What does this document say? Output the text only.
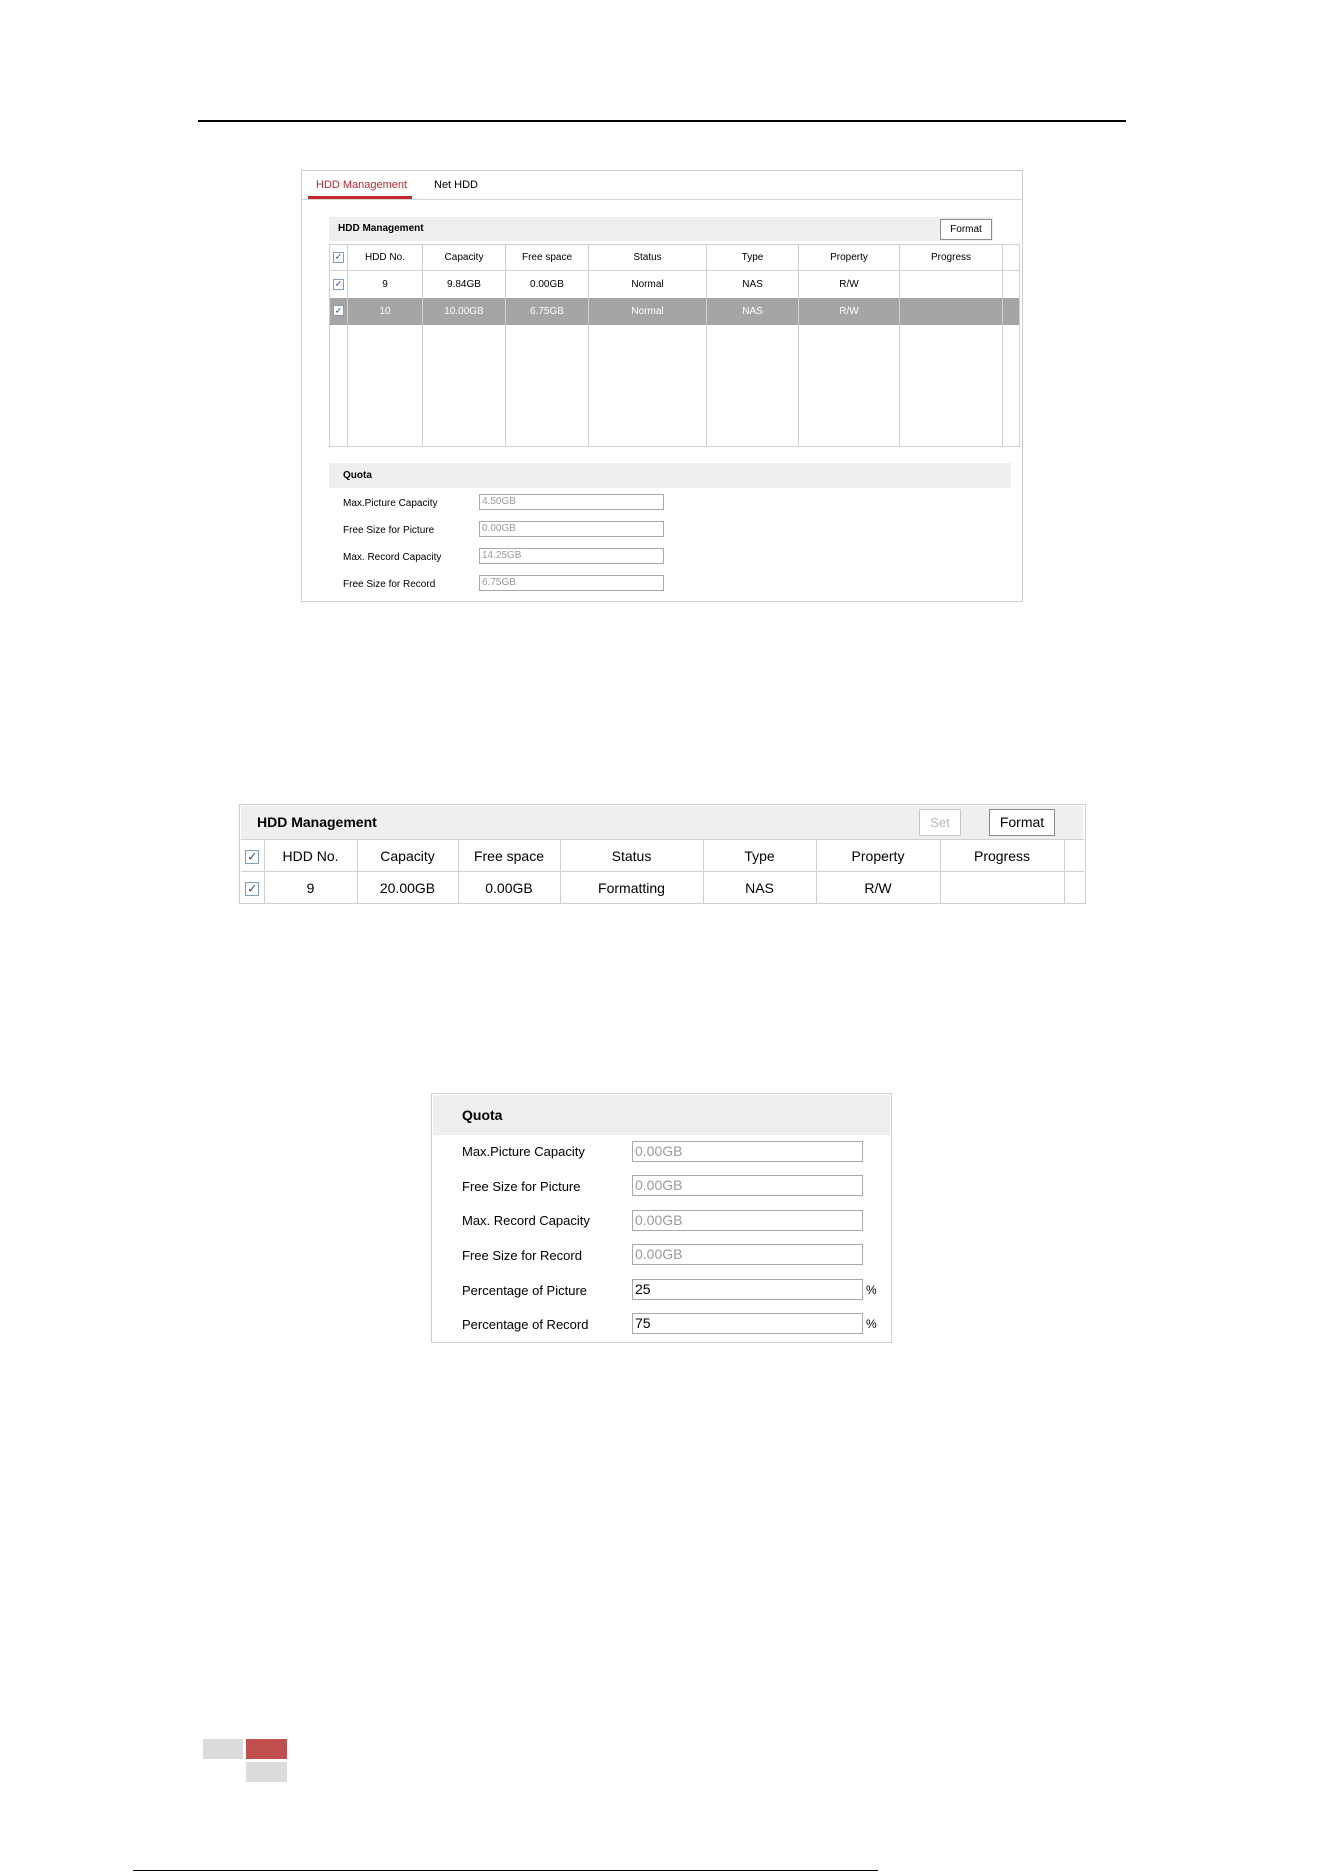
HDD Management Net HDD
HDD Management	Format
✓	HDD No.	Capacity	Free space	Status	Type	Property	Progress	
✓	9	9.84GB	0.00GB	Normal	NAS	R/W		
✓	10	10.00GB	6.75GB	Normal	NAS	R/W		

Quota
Max.Picture Capacity	4.50GB
Free Size for Picture	0.00GB
Max. Record Capacity	14.25GB
Free Size for Record	6.75GB
HDD Management	Set	Format
✓	HDD No.	Capacity	Free space	Status	Type	Property	Progress	
✓	9	20.00GB	0.00GB	Formatting	NAS	R/W		
Quota
Max.Picture Capacity	0.00GB
Free Size for Picture	0.00GB
Max. Record Capacity	0.00GB
Free Size for Record	0.00GB
Percentage of Picture	25	%
Percentage of Record	75	%
